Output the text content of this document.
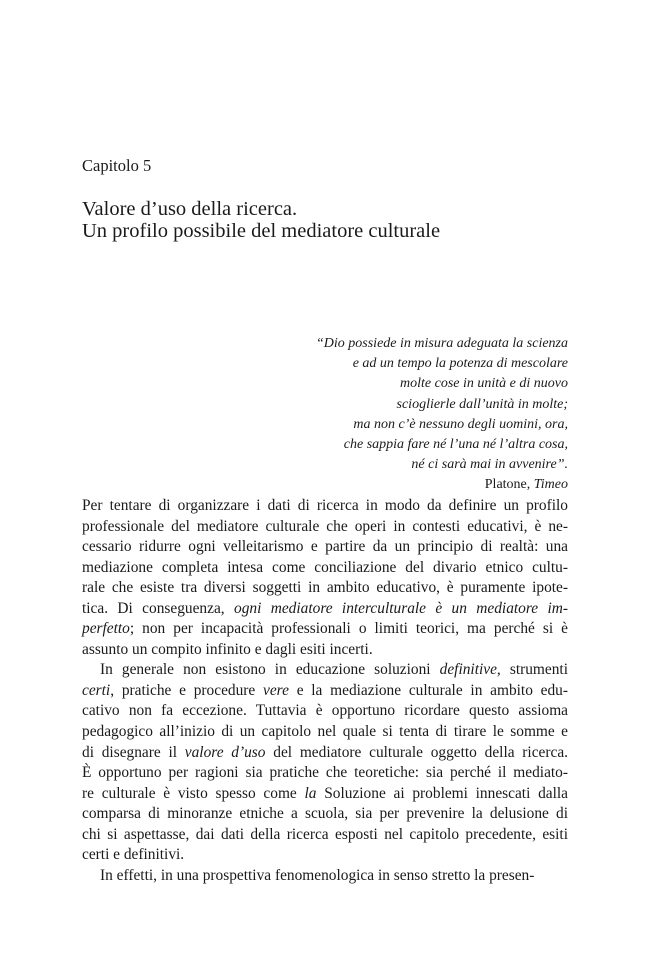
Capitolo 5
Valore d’uso della ricerca.
Un profilo possibile del mediatore culturale
“Dio possiede in misura adeguata la scienza
e ad un tempo la potenza di mescolare
molte cose in unità e di nuovo
scioglierle dall’unità in molte;
ma non c’è nessuno degli uomini, ora,
che sappia fare né l’una né l’altra cosa,
né ci sarà mai in avvenire”.
Platone, Timeo
Per tentare di organizzare i dati di ricerca in modo da definire un profilo
professionale del mediatore culturale che operi in contesti educativi, è ne-
cessario ridurre ogni velleitarismo e partire da un principio di realtà: una
mediazione completa intesa come conciliazione del divario etnico cultu-
rale che esiste tra diversi soggetti in ambito educativo, è puramente ipote-
tica. Di conseguenza, ogni mediatore interculturale è un mediatore im-
perfetto; non per incapacità professionali o limiti teorici, ma perché si è
assunto un compito infinito e dagli esiti incerti.
In generale non esistono in educazione soluzioni definitive, strumenti
certi, pratiche e procedure vere e la mediazione culturale in ambito edu-
cativo non fa eccezione. Tuttavia è opportuno ricordare questo assioma
pedagogico all’inizio di un capitolo nel quale si tenta di tirare le somme e
di disegnare il valore d’uso del mediatore culturale oggetto della ricerca.
È opportuno per ragioni sia pratiche che teoretiche: sia perché il mediato-
re culturale è visto spesso come la Soluzione ai problemi innescati dalla
comparsa di minoranze etniche a scuola, sia per prevenire la delusione di
chi si aspettasse, dai dati della ricerca esposti nel capitolo precedente, esiti
certi e definitivi.
In effetti, in una prospettiva fenomenologica in senso stretto la presen-
